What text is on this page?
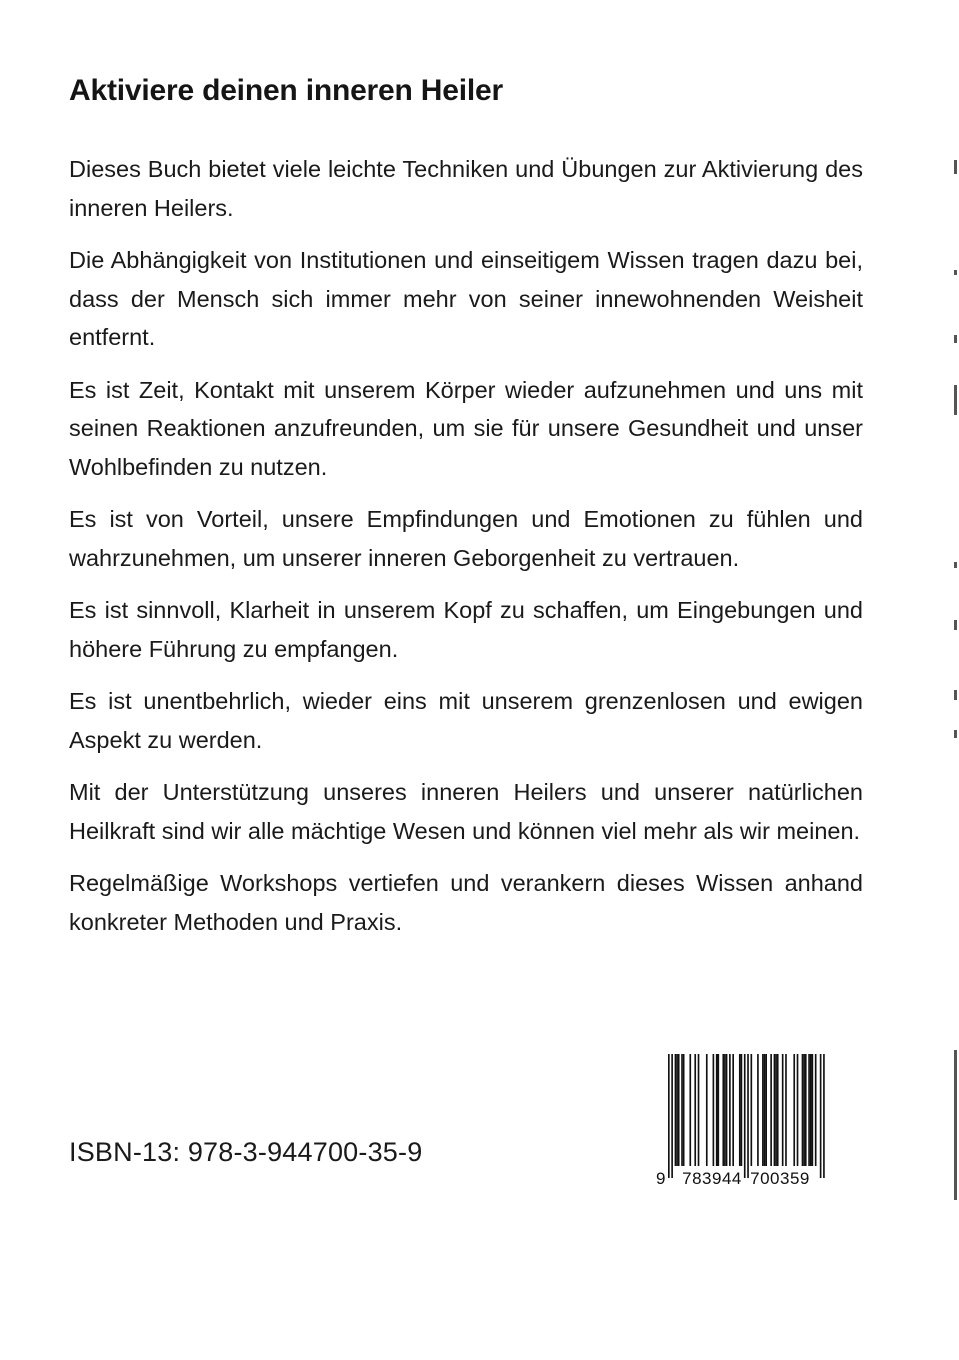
Aktiviere deinen inneren Heiler

Dieses Buch bietet viele leichte Techniken und Übungen zur Aktivierung des inneren Heilers.

Die Abhängigkeit von Institutionen und einseitigem Wissen tragen dazu bei, dass der Mensch sich immer mehr von seiner innewohnenden Weisheit entfernt.

Es ist Zeit, Kontakt mit unserem Körper wieder aufzunehmen und uns mit seinen Reaktionen anzufreunden, um sie für unsere Gesundheit und unser Wohlbefinden zu nutzen.

Es ist von Vorteil, unsere Empfindungen und Emotionen zu fühlen und wahrzunehmen, um unserer inneren Geborgenheit zu vertrauen.

Es ist sinnvoll, Klarheit in unserem Kopf zu schaffen, um Eingebungen und höhere Führung zu empfangen.

Es ist unentbehrlich, wieder eins mit unserem grenzenlosen und ewigen Aspekt zu werden.

Mit der Unterstützung unseres inneren Heilers und unserer natürlichen Heilkraft sind wir alle mächtige Wesen und können viel mehr als wir meinen.

Regelmäßige Workshops vertiefen und verankern dieses Wissen anhand konkreter Methoden und Praxis.

ISBN-13: 978-3-944700-35-9
9 783944 700359
